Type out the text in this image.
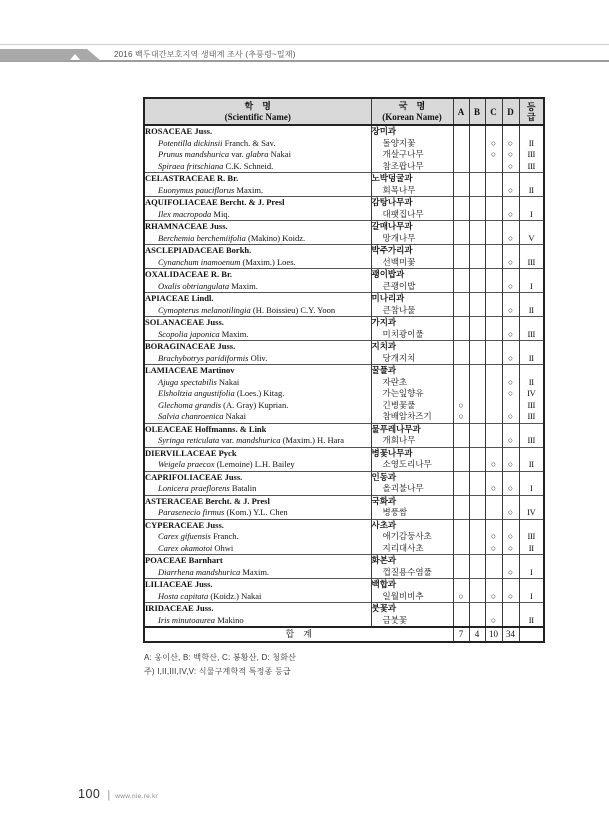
2016 백두대간보호지역 생태계 조사 (추풍령~밀재)
학　명
(Scientific Name)

국　명
(Korean Name)
	A	B	C	D	등급

ROSACEAE Juss.	장미과					
Potentilla dickinsii Franch. & Sav.	돌양지꽃			○	○	II
Prunus mandshurica var. glabra Nakai	개살구나무			○	○	III
Spiraea fritschiana C.K. Schneid.	참조팝나무				○	III
CELASTRACEAE R. Br.	노박덩굴과					
Euonymus pauciflorus Maxim.	회목나무				○	II
AQUIFOLIACEAE Bercht. & J. Presl	감탕나무과					
Ilex macropoda Miq.	대팻집나무				○	I
RHAMNACEAE Juss.	갈매나무과					
Berchemia berchemiifolia (Makino) Koidz.	망개나무				○	V
ASCLEPIADACEAE Borkh.	박주가리과					
Cynanchum inamoenum (Maxim.) Loes.	선백미꽃				○	III
OXALIDACEAE R. Br.	괭이밥과					
Oxalis obtriangulata Maxim.	큰괭이밥				○	I
APIACEAE Lindl.	미나리과					
Cymopterus melanotilingia (H. Boissieu) C.Y. Yoon	큰참나물				○	II
SOLANACEAE Juss.	가지과					
Scopolia japonica Maxim.	미치광이풀				○	III
BORAGINACEAE Juss.	지치과					
Brachybotrys paridiformis Oliv.	당개지치				○	II
LAMIACEAE Martinov	꿀풀과					
Ajuga spectabilis Nakai	자란초				○	II
Elsholtzia angustifolia (Loes.) Kitag.	가는잎향유				○	IV
Glechoma grandis (A. Gray) Kuprian.	긴병꽃풀	○				III
Salvia chanroenica Nakai	참배암차즈기	○			○	III
OLEACEAE Hoffmanns. & Link	물푸레나무과					
Syringa reticulata var. mandshurica (Maxim.) H. Hara	개회나무				○	III
DIERVILLACEAE Pyck	병꽃나무과					
Weigela praecox (Lemoine) L.H. Bailey	소영도리나무			○	○	II
CAPRIFOLIACEAE Juss.	인동과					
Lonicera praeflorens Batalin	올괴불나무			○	○	I
ASTERACEAE Bercht. & J. Presl	국화과					
Parasenecio firmus (Kom.) Y.L. Chen	병풍쌈				○	IV
CYPERACEAE Juss.	사초과					
Carex gifuensis Franch.	애기감둥사초			○	○	III
Carex okamotoi Ohwi	지리대사초			○	○	II
POACEAE Barnhart	화본과					
Diarrhena mandshurica Maxim.	껍질용수염풀				○	I
LILIACEAE Juss.	백합과					
Hosta capitata (Koidz.) Nakai	일월비비추	○		○	○	I
IRIDACEAE Juss.	붓꽃과					
Iris minutoaurea Makino	금붓꽃			○		II
합　계		7	4	10	34	
A: 웅이산, B: 백학산, C: 봉황산, D: 청화산
주) I,II,III,IV,V: 식물구계학적 특정종 등급
100 | www.nie.re.kr
